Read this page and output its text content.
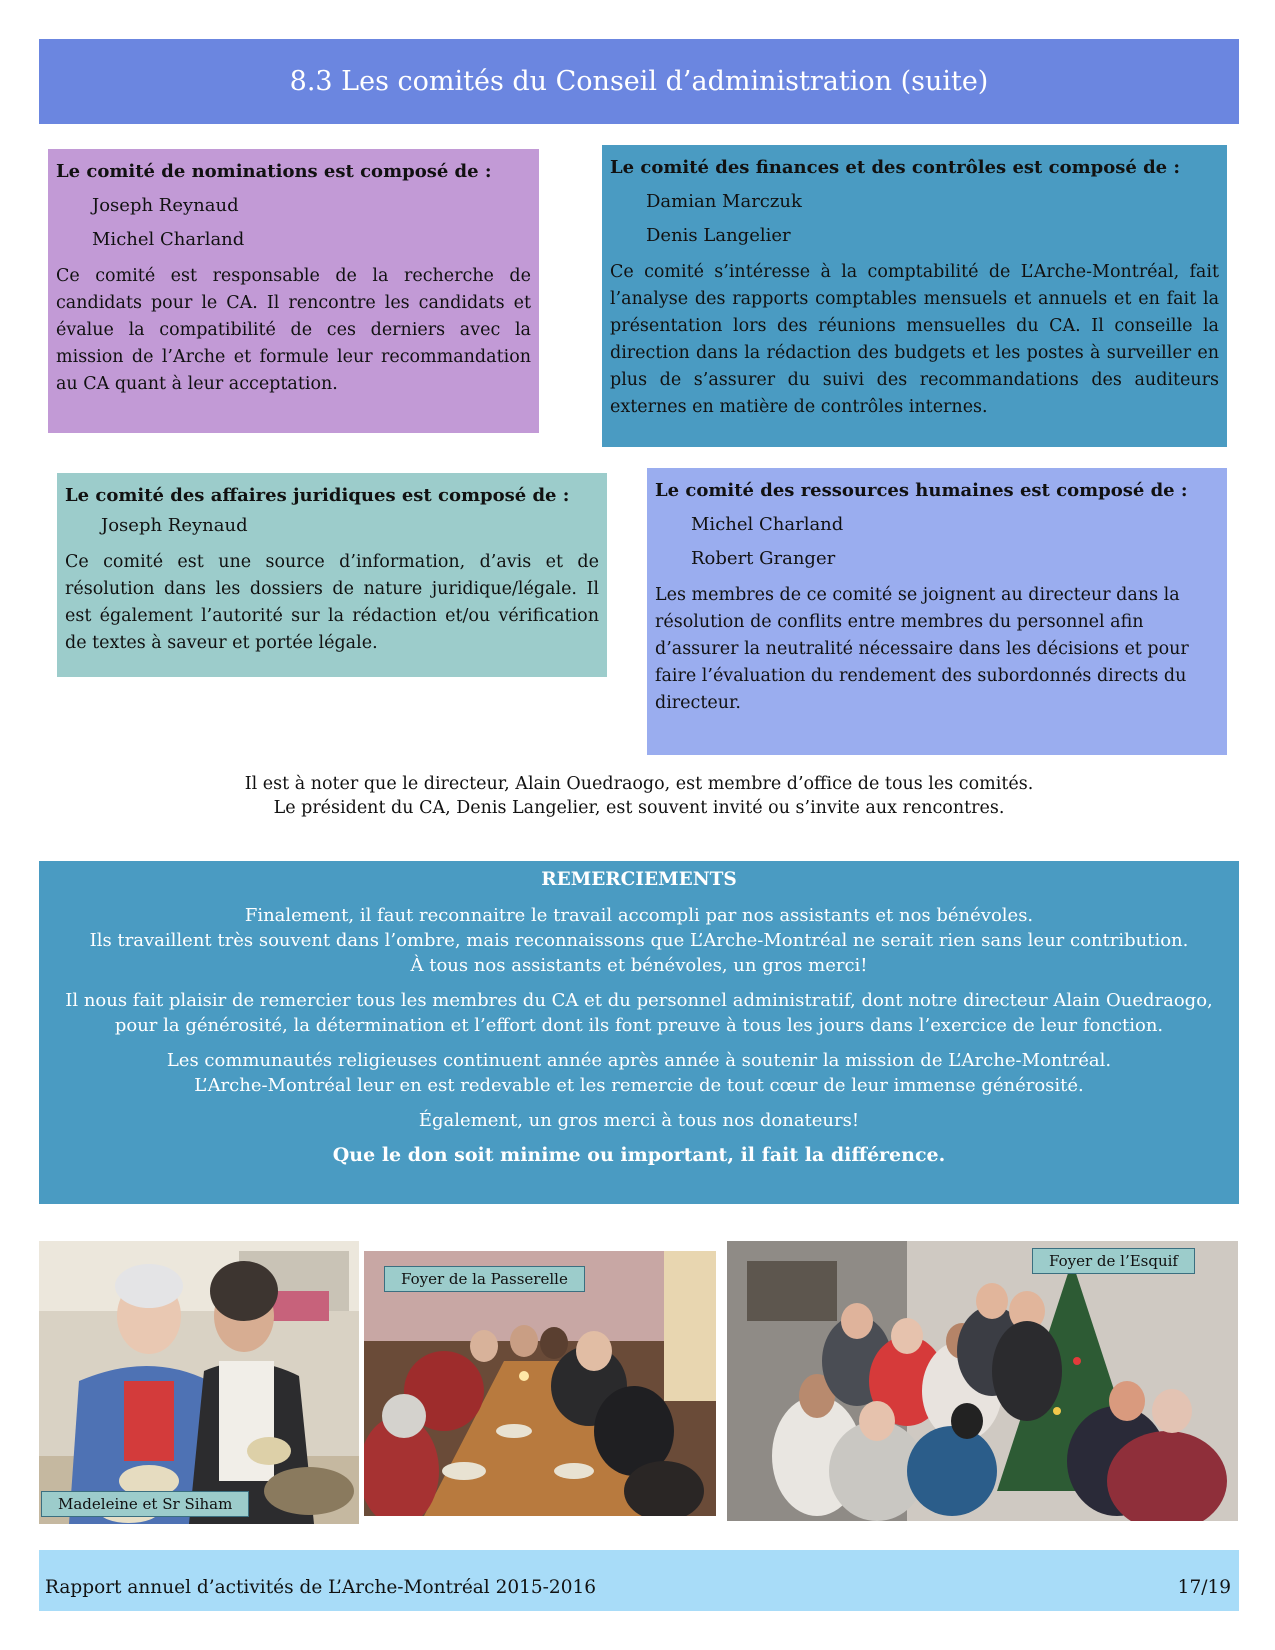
8.3 Les comités du Conseil d’administration (suite)
Le comité de nominations est composé de :
Joseph Reynaud
Michel Charland

Ce comité est responsable de la recherche de candidats pour le CA. Il rencontre les candidats et évalue la compatibilité de ces derniers avec la mission de l’Arche et formule leur recommandation au CA quant à leur acceptation.

Le comité des finances et des contrôles est composé de :
Damian Marczuk
Denis Langelier

Ce comité s’intéresse à la comptabilité de L’Arche-Montréal, fait l’analyse des rapports comptables mensuels et annuels et en fait la présentation lors des réunions mensuelles du CA. Il conseille la direction dans la rédaction des budgets et les postes à surveiller en plus de s’assurer du suivi des recommandations des auditeurs externes en matière de contrôles internes.

Le comité des affaires juridiques est composé de :
Joseph Reynaud

Ce comité est une source d’information, d’avis et de résolution dans les dossiers de nature juridique/légale. Il est également l’autorité sur la rédaction et/ou vérification de textes à saveur et portée légale.

Le comité des ressources humaines est composé de :
Michel Charland
Robert Granger

Les membres de ce comité se joignent au directeur dans la résolution de conflits entre membres du personnel afin d’assurer la neutralité nécessaire dans les décisions et pour faire l’évaluation du rendement des subordonnés directs du directeur.

Il est à noter que le directeur, Alain Ouedraogo, est membre d’office de tous les comités.
Le président du CA, Denis Langelier, est souvent invité ou s’invite aux rencontres.
REMERCIEMENTS

Finalement, il faut reconnaitre le travail accompli par nos assistants et nos bénévoles.
Ils travaillent très souvent dans l’ombre, mais reconnaissons que L’Arche-Montréal ne serait rien sans leur contribution.
À tous nos assistants et bénévoles, un gros merci!

Il nous fait plaisir de remercier tous les membres du CA et du personnel administratif, dont notre directeur Alain Ouedraogo,
pour la générosité, la détermination et l’effort dont ils font preuve à tous les jours dans l’exercice de leur fonction.

Les communautés religieuses continuent année après année à soutenir la mission de L’Arche-Montréal.
L’Arche-Montréal leur en est redevable et les remercie de tout cœur de leur immense générosité.

Également, un gros merci à tous nos donateurs!

Que le don soit minime ou important, il fait la différence.

Madeleine et Sr Siham
Foyer de la Passerelle
Foyer de l’Esquif
Rapport annuel d’activités de L’Arche-Montréal 2015-2016	17/19
